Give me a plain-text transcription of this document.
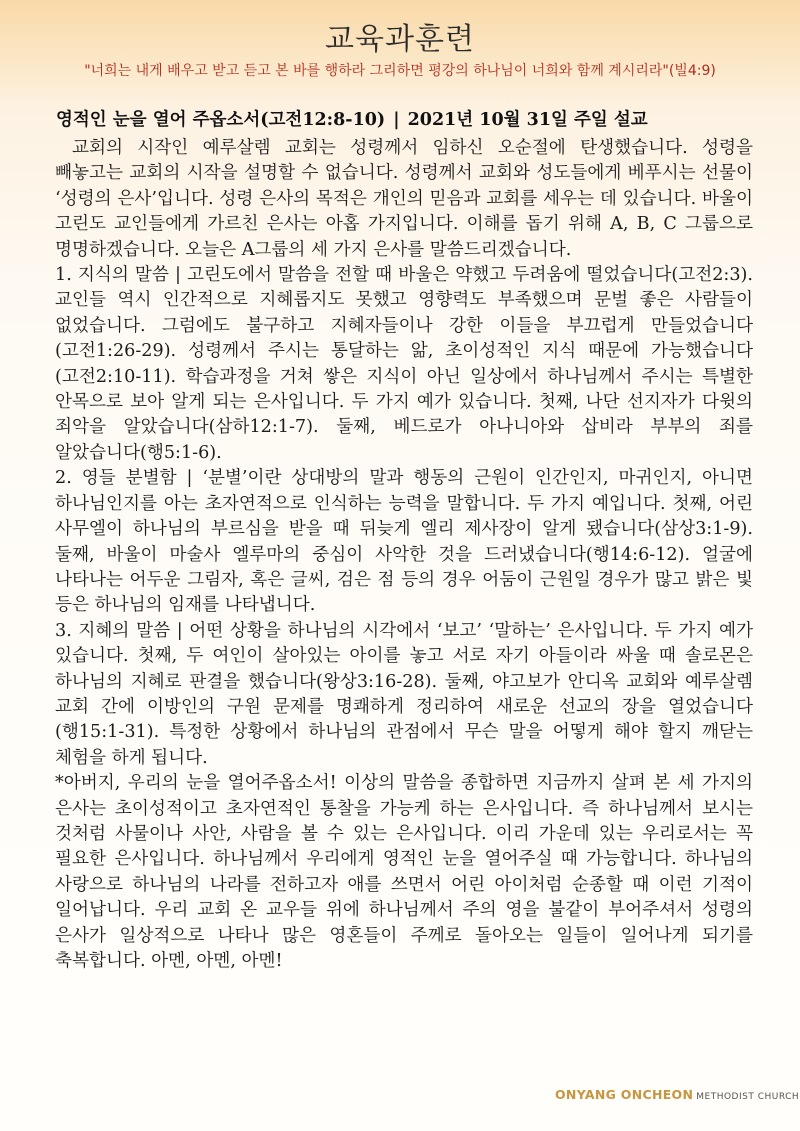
교육과훈련
"너희는 내게 배우고 받고 듣고 본 바를 행하라 그리하면 평강의 하나님이 너희와 함께 계시리라"(빌4:9)
영적인 눈을 열어 주옵소서(고전12:8-10) | 2021년 10월 31일 주일 설교

교회의 시작인 예루살렘 교회는 성령께서 임하신 오순절에 탄생했습니다. 성령을 빼놓고는 교회의 시작을 설명할 수 없습니다. 성령께서 교회와 성도들에게 베푸시는 선물이 ‘성령의 은사’입니다. 성령 은사의 목적은 개인의 믿음과 교회를 세우는 데 있습니다. 바울이 고린도 교인들에게 가르친 은사는 아홉 가지입니다. 이해를 돕기 위해 A, B, C 그룹으로 명명하겠습니다. 오늘은 A그룹의 세 가지 은사를 말씀드리겠습니다.

1. 지식의 말씀 | 고린도에서 말씀을 전할 때 바울은 약했고 두려움에 떨었습니다(고전2:3). 교인들 역시 인간적으로 지혜롭지도 못했고 영향력도 부족했으며 문벌 좋은 사람들이 없었습니다. 그럼에도 불구하고 지혜자들이나 강한 이들을 부끄럽게 만들었습니다(고전1:26-29). 성령께서 주시는 통달하는 앎, 초이성적인 지식 때문에 가능했습니다(고전2:10-11). 학습과정을 거쳐 쌓은 지식이 아닌 일상에서 하나님께서 주시는 특별한 안목으로 보아 알게 되는 은사입니다. 두 가지 예가 있습니다. 첫째, 나단 선지자가 다윗의 죄악을 알았습니다(삼하12:1-7). 둘째, 베드로가 아나니아와 삽비라 부부의 죄를 알았습니다(행5:1-6).

2. 영들 분별함 | ‘분별’이란 상대방의 말과 행동의 근원이 인간인지, 마귀인지, 아니면 하나님인지를 아는 초자연적으로 인식하는 능력을 말합니다. 두 가지 예입니다. 첫째, 어린 사무엘이 하나님의 부르심을 받을 때 뒤늦게 엘리 제사장이 알게 됐습니다(삼상3:1-9). 둘째, 바울이 마술사 엘루마의 중심이 사악한 것을 드러냈습니다(행14:6-12). 얼굴에 나타나는 어두운 그림자, 혹은 글씨, 검은 점 등의 경우 어둠이 근원일 경우가 많고 밝은 빛 등은 하나님의 임재를 나타냅니다.

3. 지혜의 말씀 | 어떤 상황을 하나님의 시각에서 ‘보고’ ‘말하는’ 은사입니다. 두 가지 예가 있습니다. 첫째, 두 여인이 살아있는 아이를 놓고 서로 자기 아들이라 싸울 때 솔로몬은 하나님의 지혜로 판결을 했습니다(왕상3:16-28). 둘째, 야고보가 안디옥 교회와 예루살렘 교회 간에 이방인의 구원 문제를 명쾌하게 정리하여 새로운 선교의 장을 열었습니다(행15:1-31). 특정한 상황에서 하나님의 관점에서 무슨 말을 어떻게 해야 할지 깨닫는 체험을 하게 됩니다.

*아버지, 우리의 눈을 열어주옵소서! 이상의 말씀을 종합하면 지금까지 살펴 본 세 가지의 은사는 초이성적이고 초자연적인 통찰을 가능케 하는 은사입니다. 즉 하나님께서 보시는 것처럼 사물이나 사안, 사람을 볼 수 있는 은사입니다. 이리 가운데 있는 우리로서는 꼭 필요한 은사입니다. 하나님께서 우리에게 영적인 눈을 열어주실 때 가능합니다. 하나님의 사랑으로 하나님의 나라를 전하고자 애를 쓰면서 어린 아이처럼 순종할 때 이런 기적이 일어납니다. 우리 교회 온 교우들 위에 하나님께서 주의 영을 불같이 부어주셔서 성령의 은사가 일상적으로 나타나 많은 영혼들이 주께로 돌아오는 일들이 일어나게 되기를 축복합니다. 아멘, 아멘, 아멘!

ONYANG ONCHEON METHODIST CHURCH
